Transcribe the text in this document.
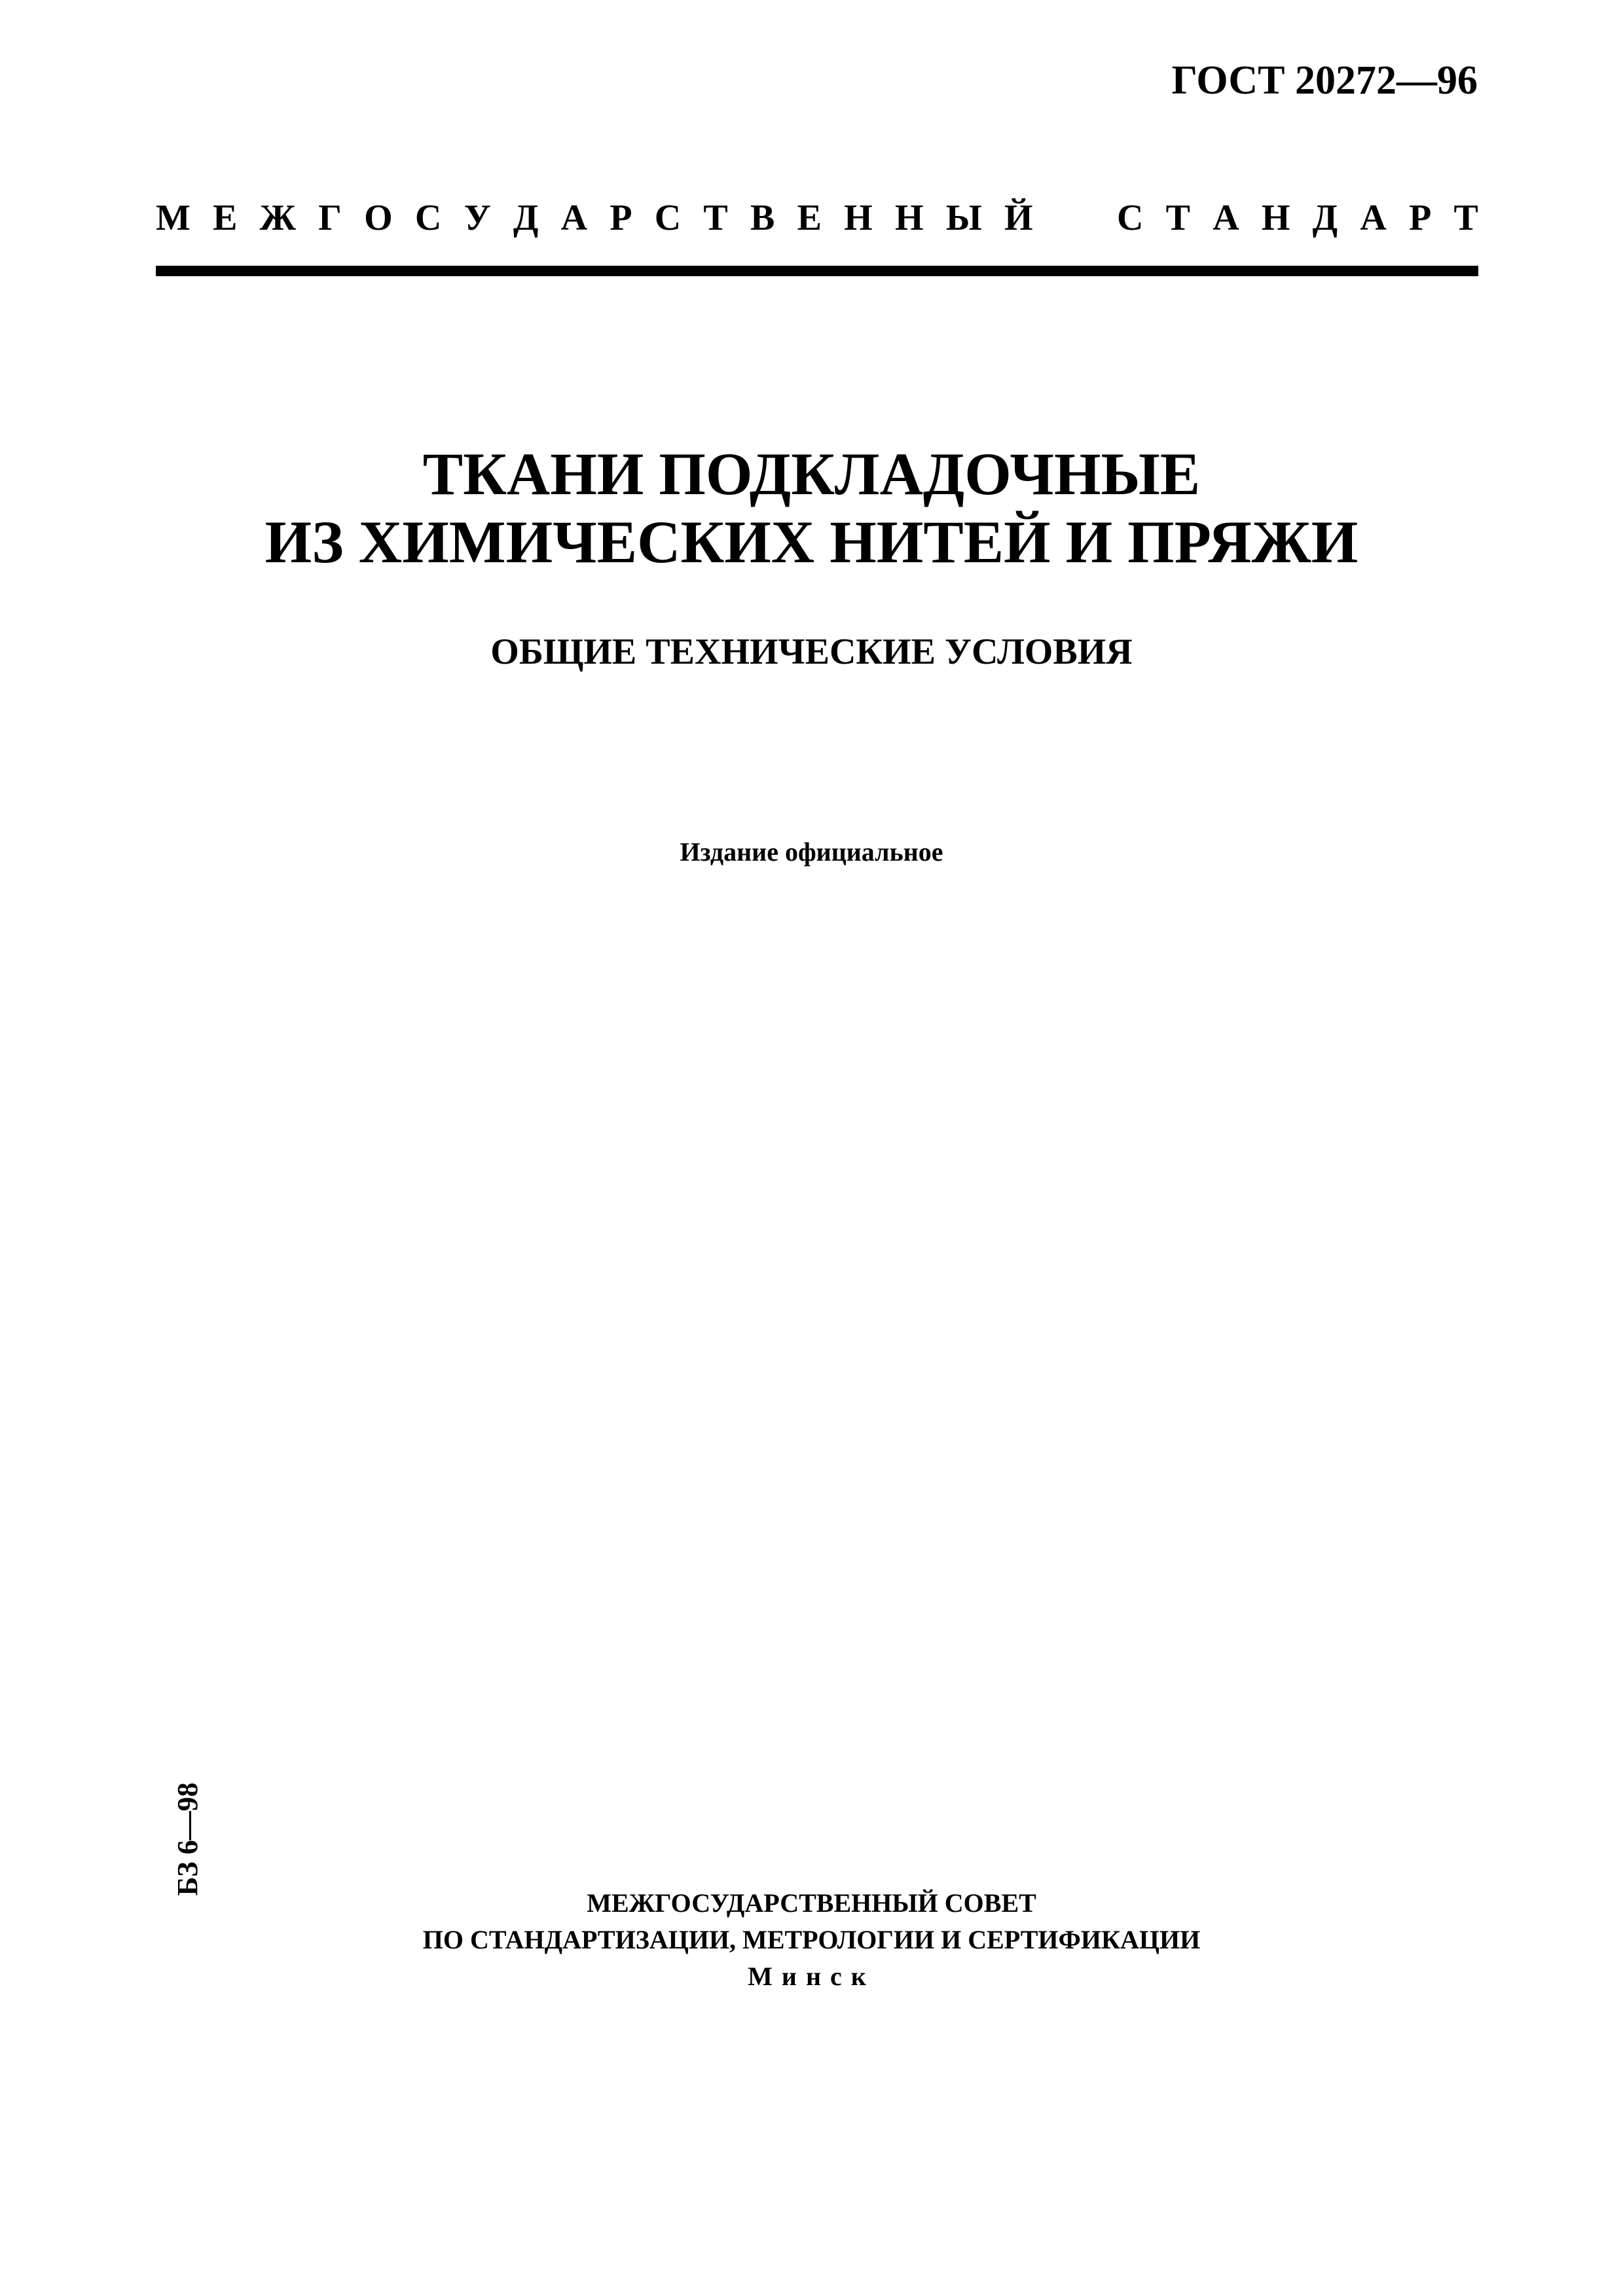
ГОСТ 20272—96
М Е Ж Г О С У Д А Р С Т В Е Н Н Ы Й С Т А Н Д А Р Т
ТКАНИ ПОДКЛАДОЧНЫЕ
ИЗ ХИМИЧЕСКИХ НИТЕЙ И ПРЯЖИ
ОБЩИЕ ТЕХНИЧЕСКИЕ УСЛОВИЯ
Издание официальное
БЗ 6—98
МЕЖГОСУДАРСТВЕННЫЙ СОВЕТ
ПО СТАНДАРТИЗАЦИИ, МЕТРОЛОГИИ И СЕРТИФИКАЦИИ
Минск
